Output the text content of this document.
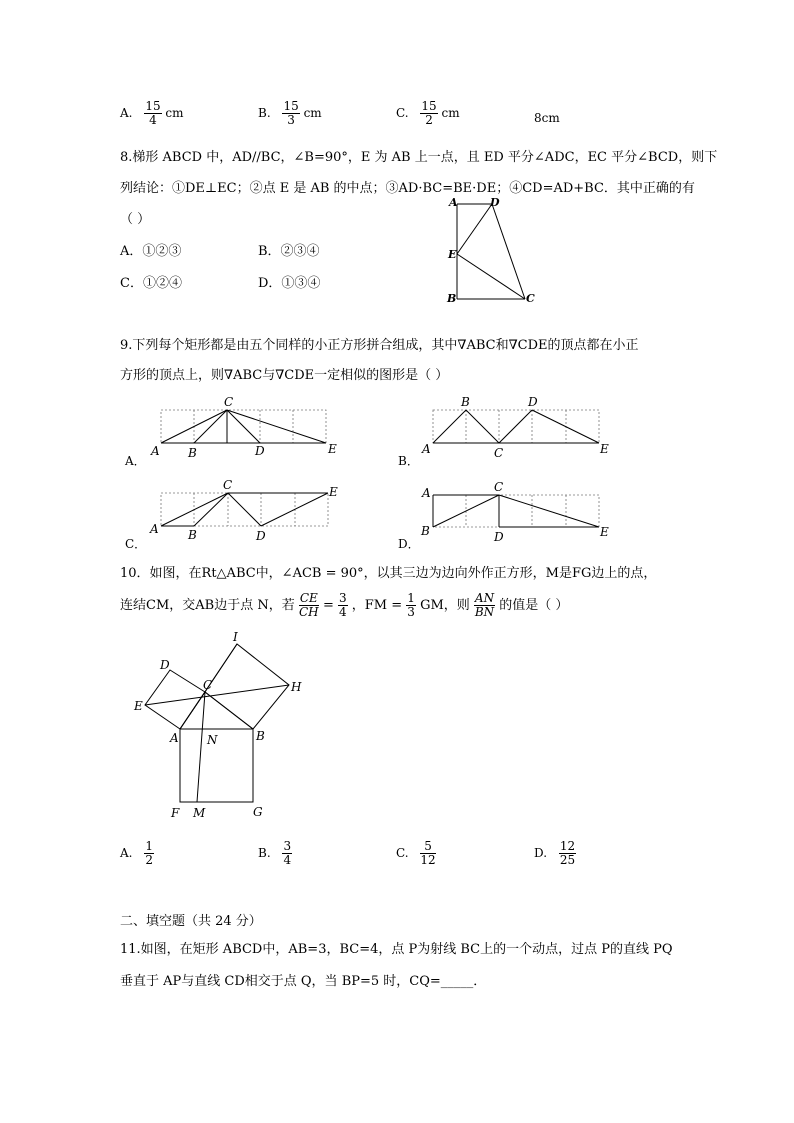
A. $\frac{15}{4}$ cm	B. $\frac{15}{3}$ cm	C. $\frac{15}{2}$ cm	8cm
8.梯形 ABCD 中，AD//BC，∠B=90°，E 为 AB 上一点，且 ED 平分∠ADC，EC 平分∠BCD，则下
列结论：①DE⊥EC；②点 E 是 AB 的中点；③AD·BC=BE·DE；④CD=AD+BC．其中正确的有
（ ）
A．①②③	B．②③④
C．①②④	D．①③④
A	D
E
B	C
9.下列每个矩形都是由五个同样的小正方形拼合组成，其中∇ABC和∇CDE的顶点都在小正
方形的顶点上，则∇ABC与∇CDE一定相似的图形是（ ）
A．
C
A B	D	E
B．
B	D
A	C	E
C．
C	E
A B	D
D．
A	C
B	D	E
10．如图，在Rt△ABC中，∠ACB = 90°，以其三边为边向外作正方形，M是FG边上的点，
连结CM，交AB边于点 N，若 $\frac{CE}{CH} = \frac{3}{4}$ ，FM = $\frac{1}{3}$ GM，则 $\frac{AN}{BN}$ 的值是（ ）
I
D
C	H
E
A N	B
F M	G
A. $\frac{1}{2}$	B. $\frac{3}{4}$	C. $\frac{5}{12}$	D. $\frac{12}{25}$
二、填空题（共 24 分）
11.如图，在矩形 ABCD中，AB=3，BC=4，点 P为射线 BC上的一个动点，过点 P的直线 PQ
垂直于 AP与直线 CD相交于点 Q，当 BP=5 时，CQ=_____．
